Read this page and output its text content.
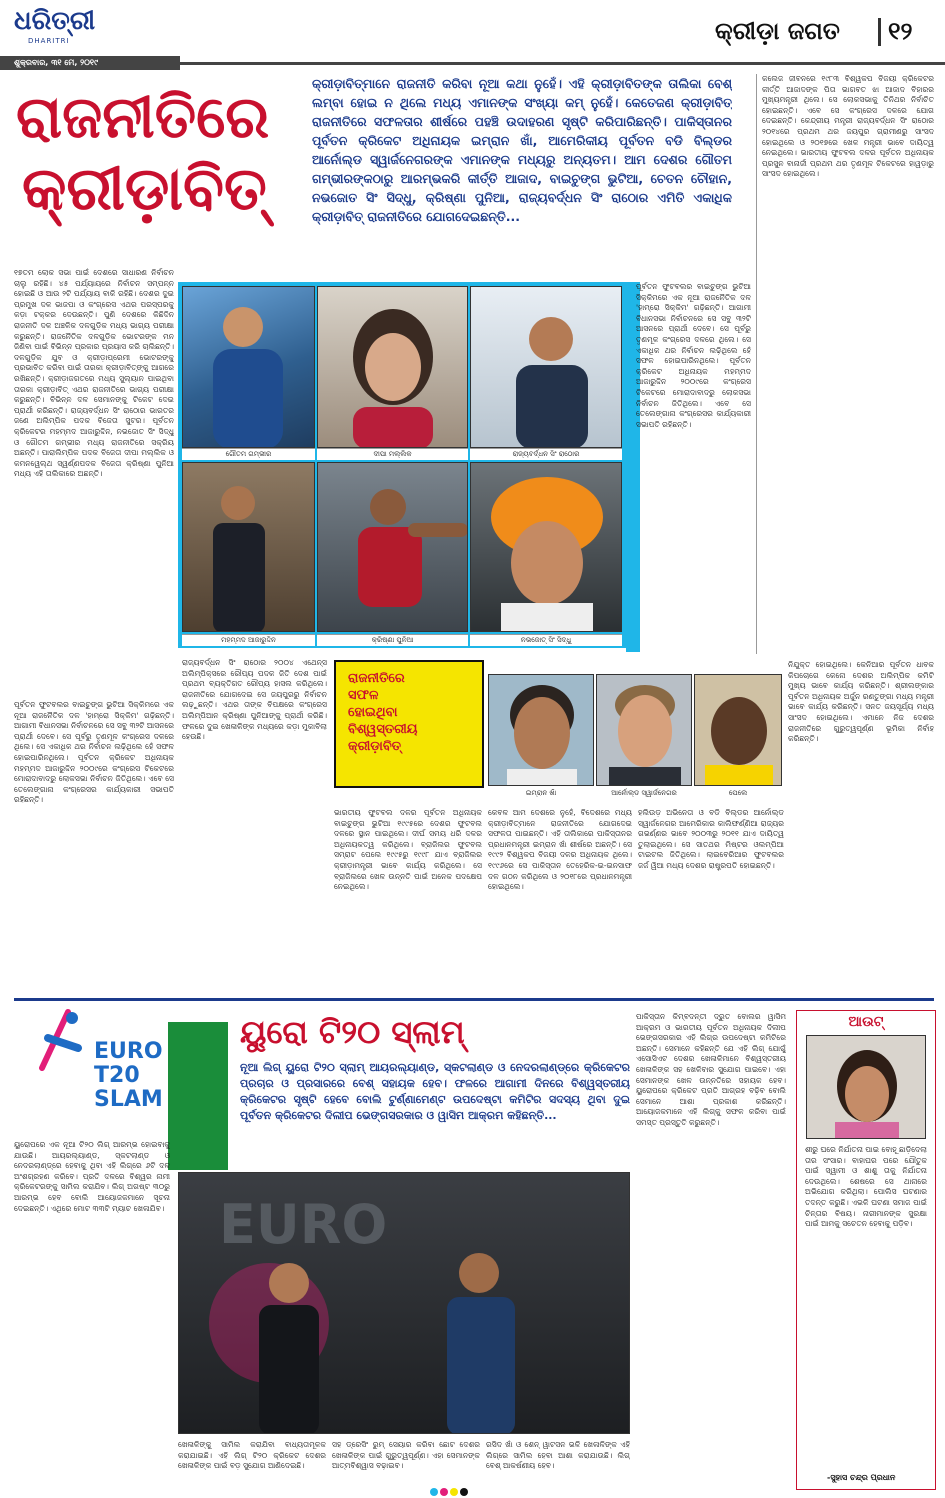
ଧରିତ୍ରୀ
DHARITRI
ଶୁକ୍ରବାର, ୩୧ ମେ, ୨୦୧୯
କ୍ରୀଡ଼ା ଜଗତ ୧୨
ରାଜନୀତିରେ
କ୍ରୀଡ଼ାବିତ୍
କ୍ରୀଡ଼ାବିତ୍‌ମାନେ ରାଜନୀତି କରିବା ନୂଆ କଥା ନୁହେଁ। ଏହି କ୍ରୀଡ଼ାବିତଙ୍କ ତାଲିକା ବେଶ୍ ଲମ୍ବା ହୋଇ ନ ଥିଲେ ମଧ୍ୟ ଏମାନଙ୍କ ସଂଖ୍ୟା କମ୍ ନୁହେଁ। କେତେଜଣ କ୍ରୀଡ଼ାବିତ୍ ରାଜନୀତିରେ ସଫଳତାର ଶୀର୍ଷରେ ପହଞ୍ଚି ଉଦାହରଣ ସୃଷ୍ଟି କରିପାରିଛନ୍ତି। ପାକିସ୍ତାନର ପୂର୍ବତନ କ୍ରିକେଟ ଅଧିନାୟକ ଇମ୍ରାନ ଖାଁ, ଆମେରିକୀୟ ପୂର୍ବତନ ବଡି ବିଲ୍ଡର ଆର୍ନୋଲ୍ଡ ସ୍ୱାର୍ଜନେଗରଙ୍କ ଏମାନଙ୍କ ମଧ୍ୟରୁ ଅନ୍ୟତମ। ଆମ ଦେଶର ଗୌତମ ଗମ୍ଭୀରଙ୍କଠାରୁ ଆରମ୍ଭକରି କୀର୍ତ୍ତି ଆଜାଦ, ବାଇଚୁଙ୍ଗ ଭୁଟିଆ, ଚେତନ ଚୌହାନ, ନଭଜୋତ ସିଂ ସିଦ୍ଧୁ, କ୍ରିଷ୍ଣା ପୁନିଆ, ରାଜ୍ୟବର୍ଦ୍ଧନ ସିଂ ରାଠୋର ଏମିତି ଏକାଧିକ କ୍ରୀଡ଼ାବିତ୍ ରାଜନୀତିରେ ଯୋଗଦେଇଛନ୍ତି...
୧୭ତମ ଲୋକ ସଭା ପାଇଁ ଦେଶରେ ସାଧାରଣ ନିର୍ବାଚନ ଚାଲୁ ରହିଛି। ୪୫ ପର୍ଯ୍ୟାୟରେ ନିର୍ବାଚନ ସମ୍ପନ୍ନ ହୋଇଛି ଓ ଆଉ ୨ଟି ପର୍ଯ୍ୟାୟ ବାକି ରହିଛି। ଦେଶର ଦୁଇ ପ୍ରମୁଖ ଦଳ ଭାଜପା ଓ କଂଗ୍ରେସ ଏଥର ପରସ୍ପରକୁ କଡ଼ା ଟକ୍କର ଦେଉଛନ୍ତି। ପୁଣି ଦେଶରେ କିଛିଦିନ ରାଜନୀତି ଦଳ ଅଞ୍ଚଳିକ ଦଳଗୁଡ଼ିକ ମଧ୍ୟ ଭାଗ୍ୟ ପରୀକ୍ଷା କରୁଛନ୍ତି। ରାଜନୈତିକ ଦଳଗୁଡ଼ିକ ଭୋଟରଙ୍କ ମନ ଜିଣିବା ପାଇଁ ବିଭିନ୍ନ ପ୍ରକାର ପ୍ରୟାସ କରି ଚାଲିଛନ୍ତି। ଦଳଗୁଡ଼ିକ ଯୁବ ଓ କ୍ରୀଡ଼ାପ୍ରେମୀ ଭୋଟରଙ୍କୁ ପ୍ରଭାବିତ କରିବା ପାଇଁ ତାରକା କ୍ରୀଡ଼ାବିତ୍‌ଙ୍କୁ ଆଗରେ ରଖିଛନ୍ତି। କ୍ରୀଡ଼ାଜଗତରେ ମଧ୍ୟ ସୁଲ୍ୟାନ ପାଇଥିବା ତାରକା କ୍ରୀଡ଼ାବିତ୍ ଏଥର ରାଜନୀତିରେ ଭାଗ୍ୟ ପରୀକ୍ଷା କରୁଛନ୍ତି। ବିଭିନ୍ନ ଦଳ ସେମାନଙ୍କୁ ଟିକେଟ ଦେଇ ପ୍ରାର୍ଥୀ କରିଛନ୍ତି। ରାଜ୍ୟବର୍ଦ୍ଧନ ସିଂ ରାଠୋର ଭାରତର ଜଣେ ଅଲିମ୍ପିକ ପଦକ ବିଜେତା ସୁଟର। ପୂର୍ବତନ କ୍ରିକେଟର ମହମ୍ମଦ ଆଜାରୁଦ୍ଦିନ, ନଭଜୋତ ସିଂ ସିଦ୍ଧୁ ଓ ଗୌତମ ଗମ୍ଭୀର ମଧ୍ୟ ରାଜନୀତିରେ ସକ୍ରିୟ ଅଛନ୍ତି। ପାରାଲିମ୍ପିକ ପଦକ ବିଜେତା ଦୀପା ମଲ୍ଲିକ ଓ କମନୱେଲ୍ଥ ସ୍ୱର୍ଣ୍ଣପଦକ ବିଜେତା କ୍ରିଷ୍ଣା ପୁନିଆ ମଧ୍ୟ ଏହି ତାଲିକାରେ ଅଛନ୍ତି।
ପୂର୍ବତନ ଫୁଟବଲର ବାଇଚୁଙ୍ଗ ଭୁଟିଆ ସିକ୍କିମରେ ଏକ ନୂଆ ରାଜନୈତିକ ଦଳ 'ହାମ୍ରୋ ସିକ୍କିମ' ଗଢ଼ିଛନ୍ତି। ଆଗାମୀ ବିଧାନସଭା ନିର୍ବାଚନରେ ସେ ସବୁ ୩୨ଟି ଆସନରେ ପ୍ରାର୍ଥୀ ଦେବେ। ସେ ପୂର୍ବରୁ ତୃଣମୂଳ କଂଗ୍ରେସ ଦଳରେ ଥିଲେ। ସେ ଏକାଧିକ ଥର ନିର୍ବାଚନ ଲଢ଼ିଥିଲେ ହେଁ ସଫଳ ହୋଇପାରିନଥିଲେ। ପୂର୍ବତନ କ୍ରିକେଟ ଅଧିନାୟକ ମହମ୍ମଦ ଆଜାରୁଦ୍ଦିନ ୨୦୦୯ରେ କଂଗ୍ରେସ ଟିକେଟରେ ମୋରାଦାବାଦରୁ ଲୋକସଭା ନିର୍ବାଚନ ଜିତିଥିଲେ। ଏବେ ସେ ତେଲେଙ୍ଗାନା କଂଗ୍ରେସର କାର୍ଯ୍ୟକାରୀ ସଭାପତି ରହିଛନ୍ତି।
ଗୌତମ ଗମ୍ଭୀର	ଦୀପା ମଲ୍ଲିକ	ରାଜ୍ୟବର୍ଦ୍ଧନ ସିଂ ରାଠୋର
ମହମ୍ମଦ ଆଜାରୁଦ୍ଦିନ	କ୍ରିଷ୍ଣା ପୁନିଆ	ନଭଜୋତ୍ ସିଂ ସିଦ୍ଧୁ
ପୂର୍ବତନ ଫୁଟବଲର ବାଇଚୁଙ୍ଗ ଭୁଟିଆ ସିକ୍କିମରେ ଏକ ନୂଆ ରାଜନୈତିକ ଦଳ 'ହାମ୍ରୋ ସିକ୍କିମ' ଗଢ଼ିଛନ୍ତି। ଆଗାମୀ ବିଧାନସଭା ନିର୍ବାଚନରେ ସେ ସବୁ ୩୨ଟି ଆସନରେ ପ୍ରାର୍ଥୀ ଦେବେ। ସେ ପୂର୍ବରୁ ତୃଣମୂଳ କଂଗ୍ରେସ ଦଳରେ ଥିଲେ। ସେ ଏକାଧିକ ଥର ନିର୍ବାଚନ ଲଢ଼ିଥିଲେ ହେଁ ସଫଳ ହୋଇପାରିନଥିଲେ। ପୂର୍ବତନ କ୍ରିକେଟ ଅଧିନାୟକ ମହମ୍ମଦ ଆଜାରୁଦ୍ଦିନ ୨୦୦୯ରେ କଂଗ୍ରେସ ଟିକେଟରେ ମୋରାଦାବାଦରୁ ଲୋକସଭା ନିର୍ବାଚନ ଜିତିଥିଲେ। ଏବେ ସେ ତେଲେଙ୍ଗାନା କଂଗ୍ରେସର କାର୍ଯ୍ୟକାରୀ ସଭାପତି ରହିଛନ୍ତି।
କଲେଜ ଜୀବନରେ ୧୯୮୩ ବିଶ୍ୱକପ ବିଜୟୀ କ୍ରିକେଟର କୀର୍ତ୍ତି ଆଜାଦଙ୍କ ପିତା ଭାଗବତ ଝା ଆଜାଦ ବିହାରର ମୁଖ୍ୟମନ୍ତ୍ରୀ ଥିଲେ। ସେ ଲୋକସଭାକୁ ତିନିଥର ନିର୍ବାଚିତ ହୋଇଛନ୍ତି। ଏବେ ସେ କଂଗ୍ରେସ ଦଳରେ ଯୋଗ ଦେଇଛନ୍ତି। କେନ୍ଦ୍ରୀୟ ମନ୍ତ୍ରୀ ରାଜ୍ୟବର୍ଦ୍ଧନ ସିଂ ରାଠୋର ୨୦୧୪ରେ ପ୍ରଥମ ଥର ଜୟପୁର ଗ୍ରାମୀଣରୁ ସାଂସଦ ହୋଇଥିଲେ ଓ ୨୦୧୭ରେ ଖେଳ ମନ୍ତ୍ରୀ ଭାବେ ଦାୟିତ୍ୱ ନେଇଥିଲେ। ଭାରତୀୟ ଫୁଟବଲ ଦଳର ପୂର୍ବତନ ଅଧିନାୟକ ପ୍ରସୁନ ବାନାର୍ଜୀ ପ୍ରଥମ ଥର ତୃଣମୂଳ ଟିକେଟରେ ହାୱଡ଼ାରୁ ସାଂସଦ ହୋଇଥିଲେ।
ରାଜ୍ୟବର୍ଦ୍ଧନ ସିଂ ରାଠୋର ୨୦୦୪ ଏଥେନ୍ସ ଅଲିମ୍ପିକ୍ସରେ ରୌପ୍ୟ ପଦକ ଜିତି ଦେଶ ପାଇଁ ପ୍ରଥମ ବ୍ୟକ୍ତିଗତ ରୌପ୍ୟ ହାସଲ କରିଥିଲେ। ରାଜନୀତିରେ ଯୋଗଦେଇ ସେ ଜୟପୁରରୁ ନିର୍ବାଚନ ଲଢ଼ୁଛନ୍ତି। ଏଥର ତାଙ୍କ ବିପକ୍ଷରେ କଂଗ୍ରେସ ଅଲିମ୍ପିଆନ କ୍ରିଷ୍ଣା ପୁନିଆଙ୍କୁ ପ୍ରାର୍ଥୀ କରିଛି। ଫଳରେ ଦୁଇ ଖେଳାଳିଙ୍କ ମଧ୍ୟରେ କଡ଼ା ମୁକାବିଲା ହେଉଛି।
ରାଜନୀତିରେ
ସଫଳ
ହୋଇଥିବା
ବିଶ୍ୱସ୍ତରୀୟ
କ୍ରୀଡ଼ାବିତ୍
ଇମ୍ରାନ ଖାଁ	ଆର୍ନୋଲ୍ଡ ସ୍ୱାର୍ଜନେଗର	ପେଲେ
ନିଯୁକ୍ତ ହୋଇଥିଲେ। କେନିଆର ପୂର୍ବତନ ଧାବକ କିପଚୋଗେ କେନୋ ଦେଶର ଅଲିମ୍ପିକ କମିଟି ମୁଖ୍ୟ ଭାବେ କାର୍ଯ୍ୟ କରିଛନ୍ତି। ଶ୍ରୀଲଙ୍କାର ପୂର୍ବତନ ଅଧିନାୟକ ଅର୍ଜୁନ ରଣତୁଙ୍ଗା ମଧ୍ୟ ମନ୍ତ୍ରୀ ଭାବେ କାର୍ଯ୍ୟ କରିଛନ୍ତି। ସନତ ଜୟସୂର୍ଯ୍ୟ ମଧ୍ୟ ସାଂସଦ ହୋଇଥିଲେ। ଏମାନେ ନିଜ ଦେଶର ରାଜନୀତିରେ ଗୁରୁତ୍ୱପୂର୍ଣ୍ଣ ଭୂମିକା ନିର୍ବାହ କରିଛନ୍ତି।
ଭାରତୀୟ ଫୁଟବଲ ଦଳର ପୂର୍ବତନ ଅଧିନାୟକ ବାଇଚୁଙ୍ଗ ଭୁଟିଆ ୧୯୯୫ରେ ଦେଶର ଫୁଟବଲ ଦଳରେ ସ୍ଥାନ ପାଇଥିଲେ। ଦୀର୍ଘ ସମୟ ଧରି ଦଳର ଅଧିନାୟକତ୍ୱ କରିଥିଲେ। ବ୍ରାଜିଲର ଫୁଟବଲ ସମ୍ରାଟ ପେଲେ ୧୯୯୫ରୁ ୧୯୯୮ ଯାଏ ବ୍ରାଜିଲର କ୍ରୀଡ଼ାମନ୍ତ୍ରୀ ଭାବେ କାର୍ଯ୍ୟ କରିଥିଲେ। ସେ ବ୍ରାଜିଲରେ ଖେଳ ଉନ୍ନତି ପାଇଁ ଅନେକ ପଦକ୍ଷେପ ନେଇଥିଲେ।
କେବଳ ଆମ ଦେଶରେ ନୁହେଁ, ବିଦେଶରେ ମଧ୍ୟ କ୍ରୀଡ଼ାବିତ୍‌ମାନେ ରାଜନୀତିରେ ଯୋଗଦେଇ ସଫଳତା ପାଇଛନ୍ତି। ଏହି ତାଲିକାରେ ପାକିସ୍ତାନର ପ୍ରଧାନମନ୍ତ୍ରୀ ଇମ୍ରାନ ଖାଁ ଶୀର୍ଷରେ ଅଛନ୍ତି। ସେ ୧୯୯୨ ବିଶ୍ୱକପ ବିଜୟୀ ଦଳର ଅଧିନାୟକ ଥିଲେ। ୧୯୯୬ରେ ସେ ପାକିସ୍ତାନ ତେହେରିକ-ଇ-ଇନସାଫ ଦଳ ଗଠନ କରିଥିଲେ ଓ ୨୦୧୮ରେ ପ୍ରଧାନମନ୍ତ୍ରୀ ହୋଇଥିଲେ।
ହଲିଉଡ଼ ଅଭିନେତା ଓ ବଡି ବିଲ୍ଡର ଆର୍ନୋଲ୍ଡ ସ୍ୱାର୍ଜନେଗର ଆମେରିକାର କାଲିଫର୍ଣ୍ଣିଆ ରାଜ୍ୟର ଗଭର୍ଣ୍ଣର ଭାବେ ୨୦୦୩ରୁ ୨୦୧୧ ଯାଏ ଦାୟିତ୍ୱ ତୁଲାଇଥିଲେ। ସେ ସାତଥର ମିଷ୍ଟର ଓଲମ୍ପିଆ ଟାଇଟଲ ଜିତିଥିଲେ। ଲାଇବେରିଆର ଫୁଟବଲର ଜର୍ଜ ୱିଆ ମଧ୍ୟ ଦେଶର ରାଷ୍ଟ୍ରପତି ହୋଇଛନ୍ତି।
EURO
T20
SLAM
ୟୁରୋ ଟି୨୦ ସ୍ଲାମ୍
ନୂଆ ଲିଗ୍ ୟୁରୋ ଟି୨୦ ସ୍ଲାମ୍ ଆୟରଲ୍ୟାଣ୍ଡ, ସ୍କଟଲାଣ୍ଡ ଓ ନେଦରଲାଣ୍ଡ୍‌ରେ କ୍ରିକେଟର ପ୍ରଚାର ଓ ପ୍ରସାରରେ ବେଶ୍ ସହାୟକ ହେବ। ଫଳରେ ଆଗାମୀ ଦିନରେ ବିଶ୍ୱସ୍ତରୀୟ କ୍ରିକେଟର ସୃଷ୍ଟି ହେବେ ବୋଲି ଟୁର୍ଣ୍ଣାମେଣ୍ଟ ଉପଦେଷ୍ଟା କମିଟିର ସଦସ୍ୟ ଥିବା ଦୁଇ ପୂର୍ବତନ କ୍ରିକେଟର ଦିଲୀପ ଭେଙ୍ଗସରକାର ଓ ୱାସିମ ଆକ୍ରମ କହିଛନ୍ତି...
ୟୁରୋପରେ ଏକ ନୂଆ ଟି୨୦ ଲିଗ୍ ଆରମ୍ଭ ହୋଇବାକୁ ଯାଉଛି। ଆୟରଲ୍ୟାଣ୍ଡ, ସ୍କଟଲାଣ୍ଡ ଓ ନେଦରଲାଣ୍ଡ୍‌ରେ ହେବାକୁ ଥିବା ଏହି ଲିଗ୍‌ରେ ୬ଟି ଦଳ ଅଂଶଗ୍ରହଣ କରିବେ। ପ୍ରତି ଦଳରେ ବିଶ୍ୱର ନାମୀ କ୍ରିକେଟରଙ୍କୁ ସାମିଲ କରାଯିବ। ଲିଗ୍ ଅଗଷ୍ଟ ୩୦ରୁ ଆରମ୍ଭ ହେବ ବୋଲି ଆୟୋଜକମାନେ ସୂଚନା ଦେଇଛନ୍ତି। ଏଥିରେ ମୋଟ ୩୩ଟି ମ୍ୟାଚ ଖେଳାଯିବ।
ପାକିସ୍ତାନ କିମ୍ବଦନ୍ତୀ ଦ୍ରୁତ ବୋଲର ୱାସିମ ଆକ୍ରମ ଓ ଭାରତୀୟ ପୂର୍ବତନ ଅଧିନାୟକ ଦିଲୀପ ଭେଙ୍ଗସରକାର ଏହି ଲିଗ୍‌ର ଉପଦେଷ୍ଟା କମିଟିରେ ଅଛନ୍ତି। ସେମାନେ କହିଛନ୍ତି ଯେ ଏହି ଲିଗ୍ ଯୋଗୁଁ ଏସୋସିଏଟ ଦେଶର ଖେଳାଳିମାନେ ବିଶ୍ୱସ୍ତରୀୟ ଖେଳାଳିଙ୍କ ସହ ଖେଳିବାର ସୁଯୋଗ ପାଇବେ। ଏହା ସେମାନଙ୍କ ଖେଳ ଉନ୍ନତିରେ ସହାୟକ ହେବ। ୟୁରୋପରେ କ୍ରିକେଟ ପ୍ରତି ଆଗ୍ରହ ବଢ଼ିବ ବୋଲି ସେମାନେ ଆଶା ପ୍ରକାଶ କରିଛନ୍ତି। ଆୟୋଜକମାନେ ଏହି ଲିଗ୍‌କୁ ସଫଳ କରିବା ପାଇଁ ସମସ୍ତ ପ୍ରସ୍ତୁତି କରୁଛନ୍ତି।
EURO
ଖେଳାଳିଙ୍କୁ ସାମିଲ କରାଯିବା ବାଧ୍ୟତାମୂଳକ କରାଯାଇଛି। ଏହି ଲିଗ୍ ଟି୨୦ କ୍ରିକେଟ ଦେଶର ଖେଳାଳିଙ୍କ ପାଇଁ ବଡ଼ ସୁଯୋଗ ଆଣିଦେଇଛି।
ସହ ଡ୍ରେସିଂ ରୁମ୍ ସେୟାର କରିବା ଛୋଟ ଦେଶର ଖେଳାଳିଙ୍କ ପାଇଁ ଗୁରୁତ୍ୱପୂର୍ଣ୍ଣ। ଏହା ସେମାନଙ୍କ ଆତ୍ମବିଶ୍ୱାସ ବଢ଼ାଇବ।
ରସିଦ ଖାଁ ଓ ଶେନ୍ ୱାଟସନ ଭଳି ଖେଳାଳିଙ୍କ ଏହି ଲିଗ୍‌ରେ ସାମିଲ ହେବା ଆଶା କରାଯାଉଛି। ଲିଗ୍ ବେଶ୍ ଆକର୍ଷଣୀୟ ହେବ।
ଆଉଟ୍
ଶୀରୁ ଘରେ ନିର୍ଯାତନା ପାଇ ବୋହୂ ଛାଡ଼ିଦେଲା ତାର ସଂସାର। ବାହାଘର ପରେ ଯୌତୁକ ପାଇଁ ସ୍ୱାମୀ ଓ ଶାଶୁ ତାକୁ ନିର୍ଯାତନା ଦେଉଥିଲେ। ଶେଷରେ ସେ ଥାନାରେ ଅଭିଯୋଗ କରିଥିଲା। ପୋଲିସ ଘଟଣାର ତଦନ୍ତ କରୁଛି। ଏଭଳି ଘଟଣା ସମାଜ ପାଇଁ ଚିନ୍ତାର ବିଷୟ। ନାରୀମାନଙ୍କ ସୁରକ୍ଷା ପାଇଁ ଆମକୁ ସଚେତନ ହେବାକୁ ପଡ଼ିବ।
-ସୁହାସ ଚନ୍ଦ୍ର ପ୍ରଧାନ
